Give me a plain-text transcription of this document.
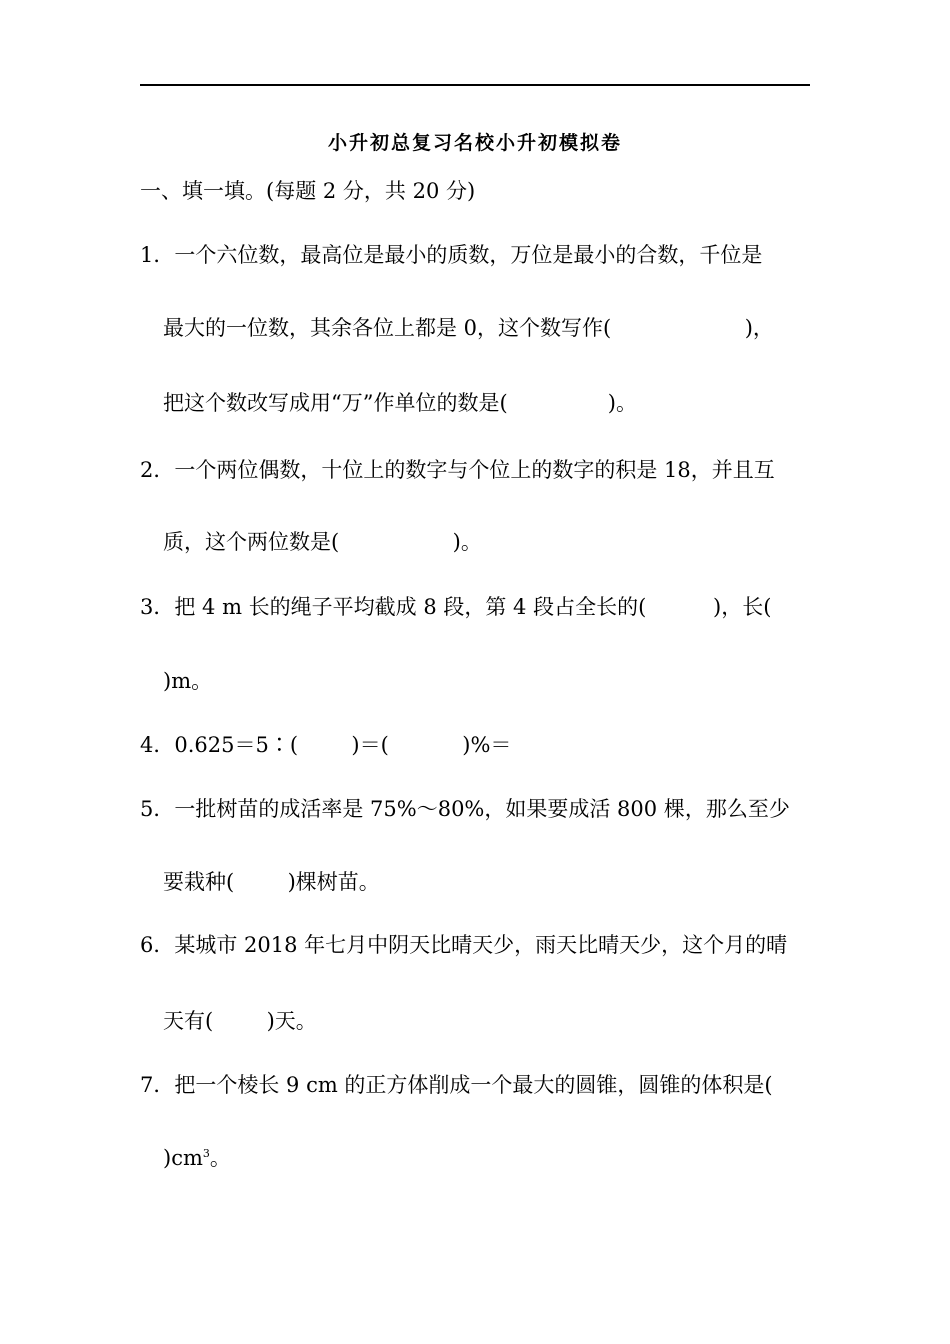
小升初总复习名校小升初模拟卷
一、填一填。(每题 2 分，共 20 分)
1．一个六位数，最高位是最小的质数，万位是最小的合数，千位是
最大的一位数，其余各位上都是 0，这个数写作(                    )，
把这个数改写成用“万”作单位的数是(               )。
2．一个两位偶数，十位上的数字与个位上的数字的积是 18，并且互
质，这个两位数是(                 )。
3．把 4 m 长的绳子平均截成 8 段，第 4 段占全长的(          )，长(
)m。
4．0.625＝5∶(        )＝(           )%＝
5．一批树苗的成活率是 75%～80%，如果要成活 800 棵，那么至少
要栽种(        )棵树苗。
6．某城市 2018 年七月中阴天比晴天少，雨天比晴天少，这个月的晴
天有(        )天。
7．把一个棱长 9 cm 的正方体削成一个最大的圆锥，圆锥的体积是(
)$cm^3$。
